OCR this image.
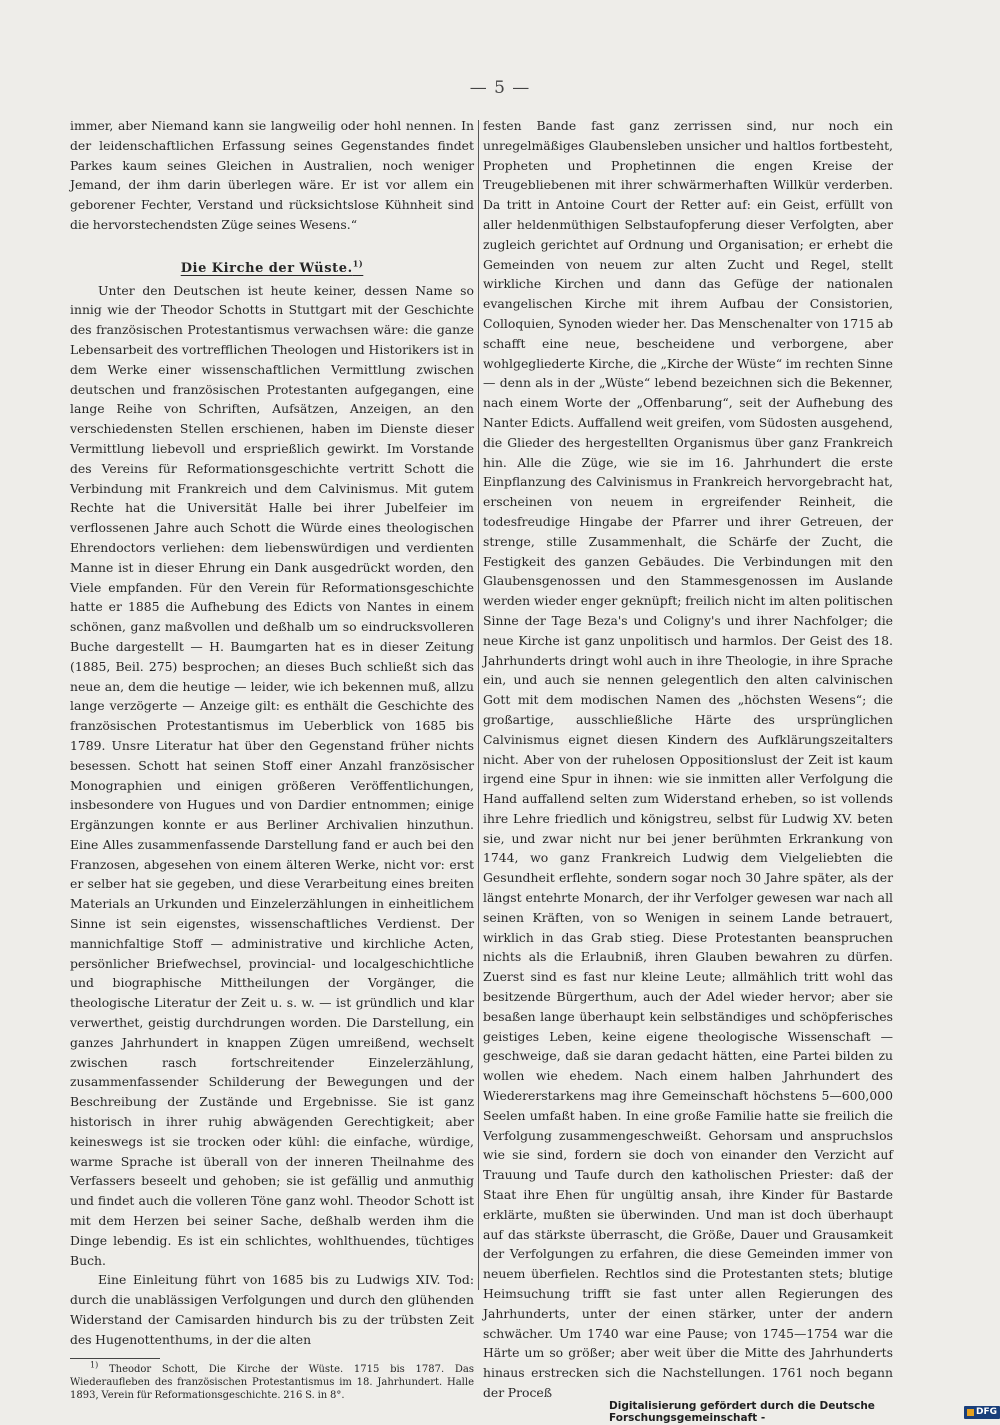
— 5 —

immer, aber Niemand kann sie langweilig oder hohl nennen. In der leidenschaftlichen Erfassung seines Gegenstandes findet Parkes kaum seines Gleichen in Australien, noch weniger Jemand, der ihm darin überlegen wäre. Er ist vor allem ein geborener Fechter, Verstand und rücksichtslose Kühnheit sind die hervorstechendsten Züge seines Wesens.“

Die Kirche der Wüste.$^{1)}$

Unter den Deutschen ist heute keiner, dessen Name so innig wie der Theodor Schotts in Stuttgart mit der Geschichte des französischen Protestantismus verwachsen wäre: die ganze Lebensarbeit des vortrefflichen Theologen und Historikers ist in dem Werke einer wissenschaftlichen Vermittlung zwischen deutschen und französischen Protestanten aufgegangen, eine lange Reihe von Schriften, Aufsätzen, Anzeigen, an den verschiedensten Stellen erschienen, haben im Dienste dieser Vermittlung liebevoll und ersprießlich gewirkt. Im Vorstande des Vereins für Reformationsgeschichte vertritt Schott die Verbindung mit Frankreich und dem Calvinismus. Mit gutem Rechte hat die Universität Halle bei ihrer Jubelfeier im verflossenen Jahre auch Schott die Würde eines theologischen Ehrendoctors verliehen: dem liebenswürdigen und verdienten Manne ist in dieser Ehrung ein Dank ausgedrückt worden, den Viele empfanden. Für den Verein für Reformationsgeschichte hatte er 1885 die Aufhebung des Edicts von Nantes in einem schönen, ganz maßvollen und deßhalb um so eindrucksvolleren Buche dargestellt — H. Baumgarten hat es in dieser Zeitung (1885, Beil. 275) besprochen; an dieses Buch schließt sich das neue an, dem die heutige — leider, wie ich bekennen muß, allzu lange verzögerte — Anzeige gilt: es enthält die Geschichte des französischen Protestantismus im Ueberblick von 1685 bis 1789. Unsre Literatur hat über den Gegenstand früher nichts besessen. Schott hat seinen Stoff einer Anzahl französischer Monographien und einigen größeren Veröffentlichungen, insbesondere von Hugues und von Dardier entnommen; einige Ergänzungen konnte er aus Berliner Archivalien hinzuthun. Eine Alles zusammenfassende Darstellung fand er auch bei den Franzosen, abgesehen von einem älteren Werke, nicht vor: erst er selber hat sie gegeben, und diese Verarbeitung eines breiten Materials an Urkunden und Einzelerzählungen in einheitlichem Sinne ist sein eigenstes, wissenschaftliches Verdienst. Der mannichfaltige Stoff — administrative und kirchliche Acten, persönlicher Briefwechsel, provincial- und localgeschichtliche und biographische Mittheilungen der Vorgänger, die theologische Literatur der Zeit u. s. w. — ist gründlich und klar verwerthet, geistig durchdrungen worden. Die Darstellung, ein ganzes Jahrhundert in knappen Zügen umreißend, wechselt zwischen rasch fortschreitender Einzelerzählung, zusammenfassender Schilderung der Bewegungen und der Beschreibung der Zustände und Ergebnisse. Sie ist ganz historisch in ihrer ruhig abwägenden Gerechtigkeit; aber keineswegs ist sie trocken oder kühl: die einfache, würdige, warme Sprache ist überall von der inneren Theilnahme des Verfassers beseelt und gehoben; sie ist gefällig und anmuthig und findet auch die volleren Töne ganz wohl. Theodor Schott ist mit dem Herzen bei seiner Sache, deßhalb werden ihm die Dinge lebendig. Es ist ein schlichtes, wohlthuendes, tüchtiges Buch.

Eine Einleitung führt von 1685 bis zu Ludwigs XIV. Tod: durch die unablässigen Verfolgungen und durch den glühenden Widerstand der Camisarden hindurch bis zu der trübsten Zeit des Hugenottenthums, in der die alten

$^{1)}$ Theodor Schott, Die Kirche der Wüste. 1715 bis 1787. Das Wiederaufleben des französischen Protestantismus im 18. Jahrhundert. Halle 1893, Verein für Reformationsgeschichte. 216 S. in 8°.

festen Bande fast ganz zerrissen sind, nur noch ein unregelmäßiges Glaubensleben unsicher und haltlos fortbesteht, Propheten und Prophetinnen die engen Kreise der Treugebliebenen mit ihrer schwärmerhaften Willkür verderben. Da tritt in Antoine Court der Retter auf: ein Geist, erfüllt von aller heldenmüthigen Selbstaufopferung dieser Verfolgten, aber zugleich gerichtet auf Ordnung und Organisation; er erhebt die Gemeinden von neuem zur alten Zucht und Regel, stellt wirkliche Kirchen und dann das Gefüge der nationalen evangelischen Kirche mit ihrem Aufbau der Consistorien, Colloquien, Synoden wieder her. Das Menschenalter von 1715 ab schafft eine neue, bescheidene und verborgene, aber wohlgegliederte Kirche, die „Kirche der Wüste“ im rechten Sinne — denn als in der „Wüste“ lebend bezeichnen sich die Bekenner, nach einem Worte der „Offenbarung“, seit der Aufhebung des Nanter Edicts. Auffallend weit greifen, vom Südosten ausgehend, die Glieder des hergestellten Organismus über ganz Frankreich hin. Alle die Züge, wie sie im 16. Jahrhundert die erste Einpflanzung des Calvinismus in Frankreich hervorgebracht hat, erscheinen von neuem in ergreifender Reinheit, die todesfreudige Hingabe der Pfarrer und ihrer Getreuen, der strenge, stille Zusammenhalt, die Schärfe der Zucht, die Festigkeit des ganzen Gebäudes. Die Verbindungen mit den Glaubensgenossen und den Stammesgenossen im Auslande werden wieder enger geknüpft; freilich nicht im alten politischen Sinne der Tage Beza's und Coligny's und ihrer Nachfolger; die neue Kirche ist ganz unpolitisch und harmlos. Der Geist des 18. Jahrhunderts dringt wohl auch in ihre Theologie, in ihre Sprache ein, und auch sie nennen gelegentlich den alten calvinischen Gott mit dem modischen Namen des „höchsten Wesens“; die großartige, ausschließliche Härte des ursprünglichen Calvinismus eignet diesen Kindern des Aufklärungszeitalters nicht. Aber von der ruhelosen Oppositionslust der Zeit ist kaum irgend eine Spur in ihnen: wie sie inmitten aller Verfolgung die Hand auffallend selten zum Widerstand erheben, so ist vollends ihre Lehre friedlich und königstreu, selbst für Ludwig XV. beten sie, und zwar nicht nur bei jener berühmten Erkrankung von 1744, wo ganz Frankreich Ludwig dem Vielgeliebten die Gesundheit erflehte, sondern sogar noch 30 Jahre später, als der längst entehrte Monarch, der ihr Verfolger gewesen war nach all seinen Kräften, von so Wenigen in seinem Lande betrauert, wirklich in das Grab stieg. Diese Protestanten beanspruchen nichts als die Erlaubniß, ihren Glauben bewahren zu dürfen. Zuerst sind es fast nur kleine Leute; allmählich tritt wohl das besitzende Bürgerthum, auch der Adel wieder hervor; aber sie besaßen lange überhaupt kein selbständiges und schöpferisches geistiges Leben, keine eigene theologische Wissenschaft — geschweige, daß sie daran gedacht hätten, eine Partei bilden zu wollen wie ehedem. Nach einem halben Jahrhundert des Wiedererstarkens mag ihre Gemeinschaft höchstens 5—600,000 Seelen umfaßt haben. In eine große Familie hatte sie freilich die Verfolgung zusammengeschweißt. Gehorsam und anspruchslos wie sie sind, fordern sie doch von einander den Verzicht auf Trauung und Taufe durch den katholischen Priester: daß der Staat ihre Ehen für ungültig ansah, ihre Kinder für Bastarde erklärte, mußten sie überwinden. Und man ist doch überhaupt auf das stärkste überrascht, die Größe, Dauer und Grausamkeit der Verfolgungen zu erfahren, die diese Gemeinden immer von neuem überfielen. Rechtlos sind die Protestanten stets; blutige Heimsuchung trifft sie fast unter allen Regierungen des Jahrhunderts, unter der einen stärker, unter der andern schwächer. Um 1740 war eine Pause; von 1745—1754 war die Härte um so größer; aber weit über die Mitte des Jahrhunderts hinaus erstrecken sich die Nachstellungen. 1761 noch begann der Proceß

Digitalisierung gefördert durch die Deutsche Forschungsgemeinschaft -	DFG
